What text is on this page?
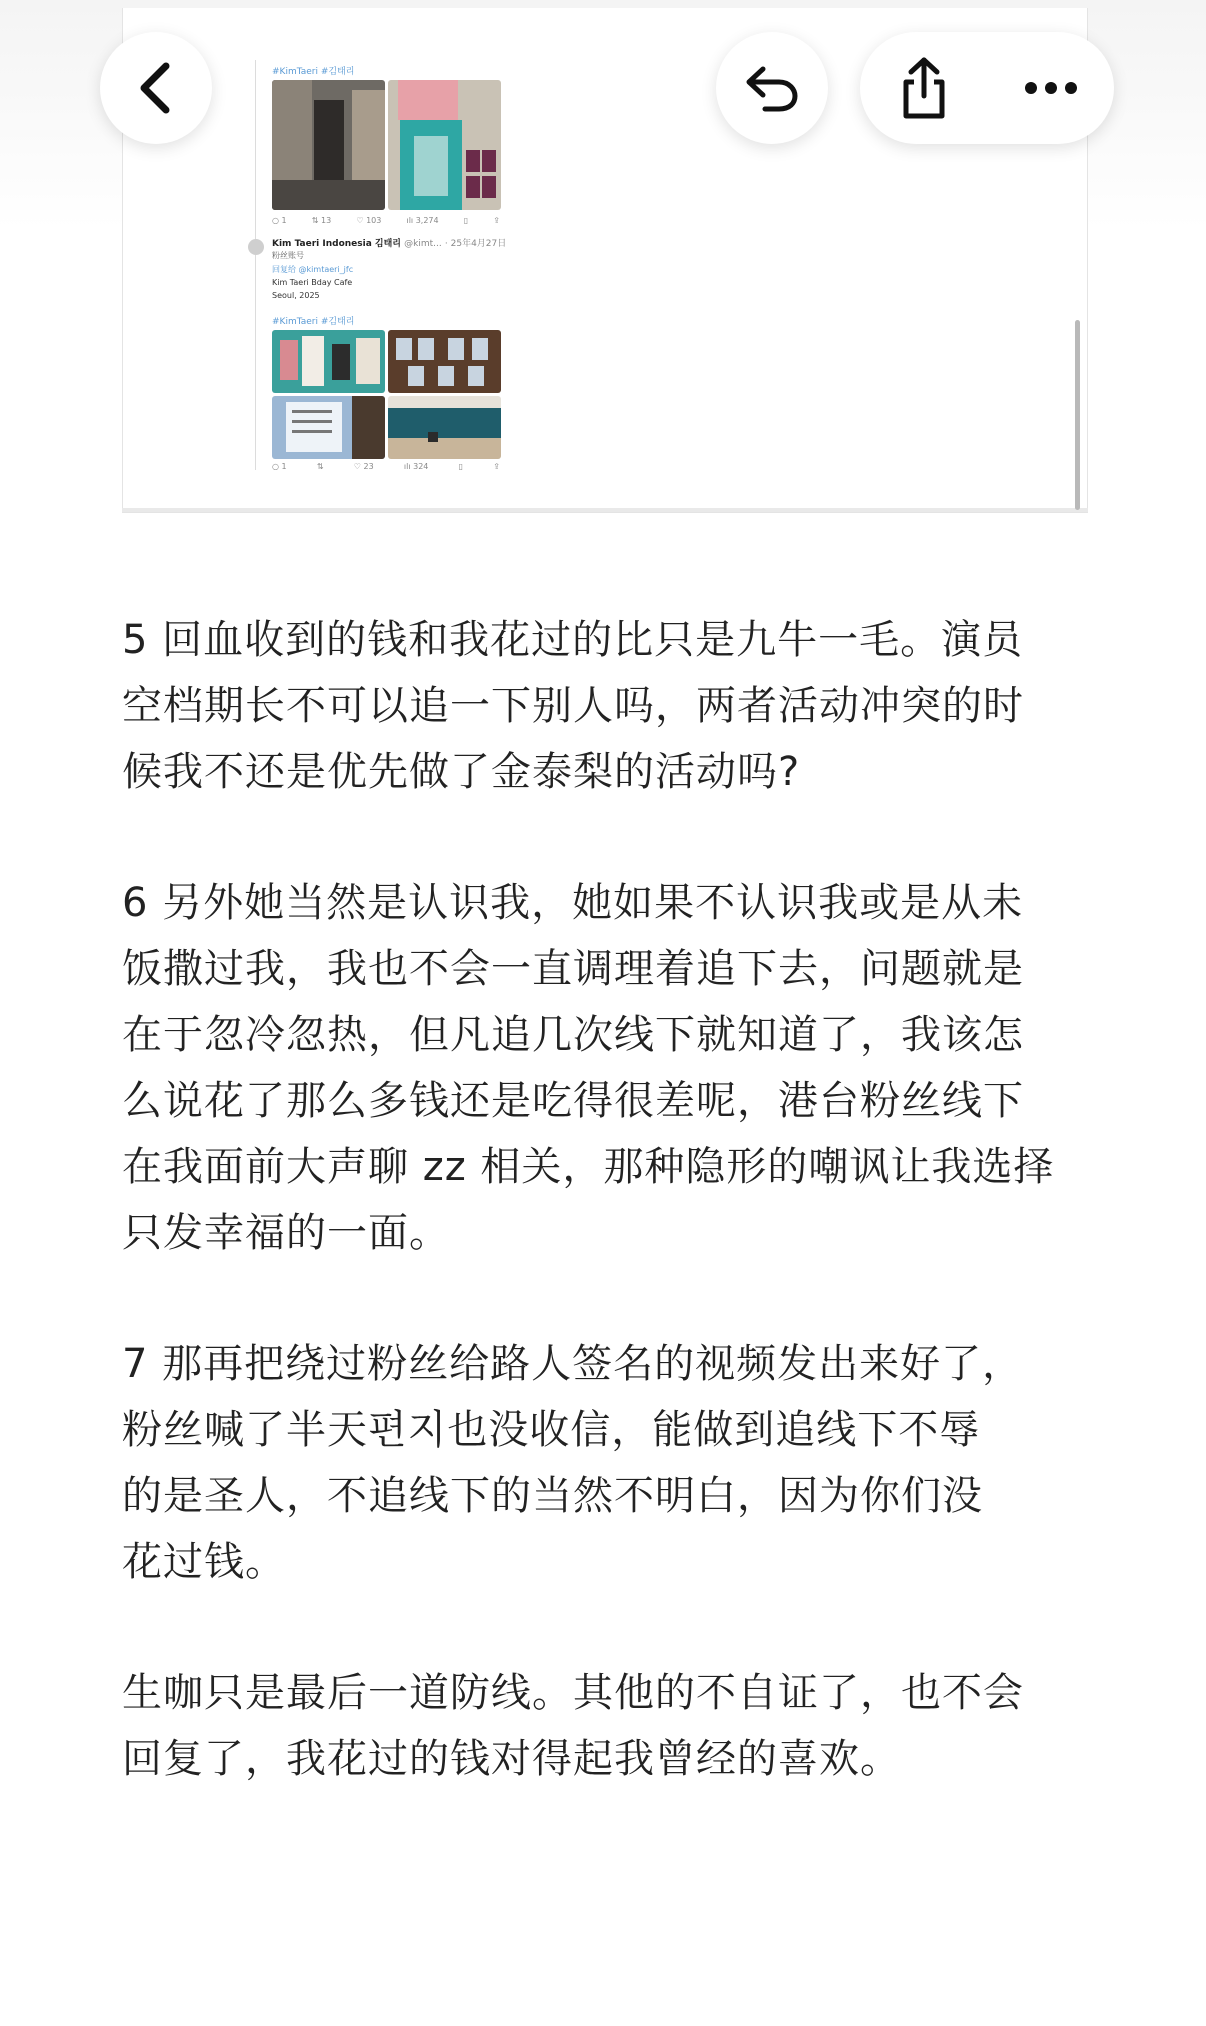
#KimTaeri #김태리
○ 1	⇅ 13	♡ 103	ılı 3,274	▯	⇪
Kim Taeri Indonesia 김태리 @kimt... · 25年4月27日
粉丝账号
回复给 @kimtaeri_jfc
Kim Taeri Bday Cafe
Seoul, 2025
#KimTaeri #김태리
○ 1	⇅	♡ 23	ılı 324	▯	⇪
5 回血收到的钱和我花过的比只是九牛一毛。演员
空档期长不可以追一下别人吗，两者活动冲突的时
候我不还是优先做了金泰梨的活动吗?
6 另外她当然是认识我，她如果不认识我或是从未
饭撒过我，我也不会一直调理着追下去，问题就是
在于忽冷忽热，但凡追几次线下就知道了，我该怎
么说花了那么多钱还是吃得很差呢，港台粉丝线下
在我面前大声聊 zz 相关，那种隐形的嘲讽让我选择
只发幸福的一面。
7 那再把绕过粉丝给路人签名的视频发出来好了，
粉丝喊了半天편지也没收信，能做到追线下不辱
的是圣人，不追线下的当然不明白，因为你们没
花过钱。
生咖只是最后一道防线。其他的不自证了，也不会
回复了，我花过的钱对得起我曾经的喜欢。
